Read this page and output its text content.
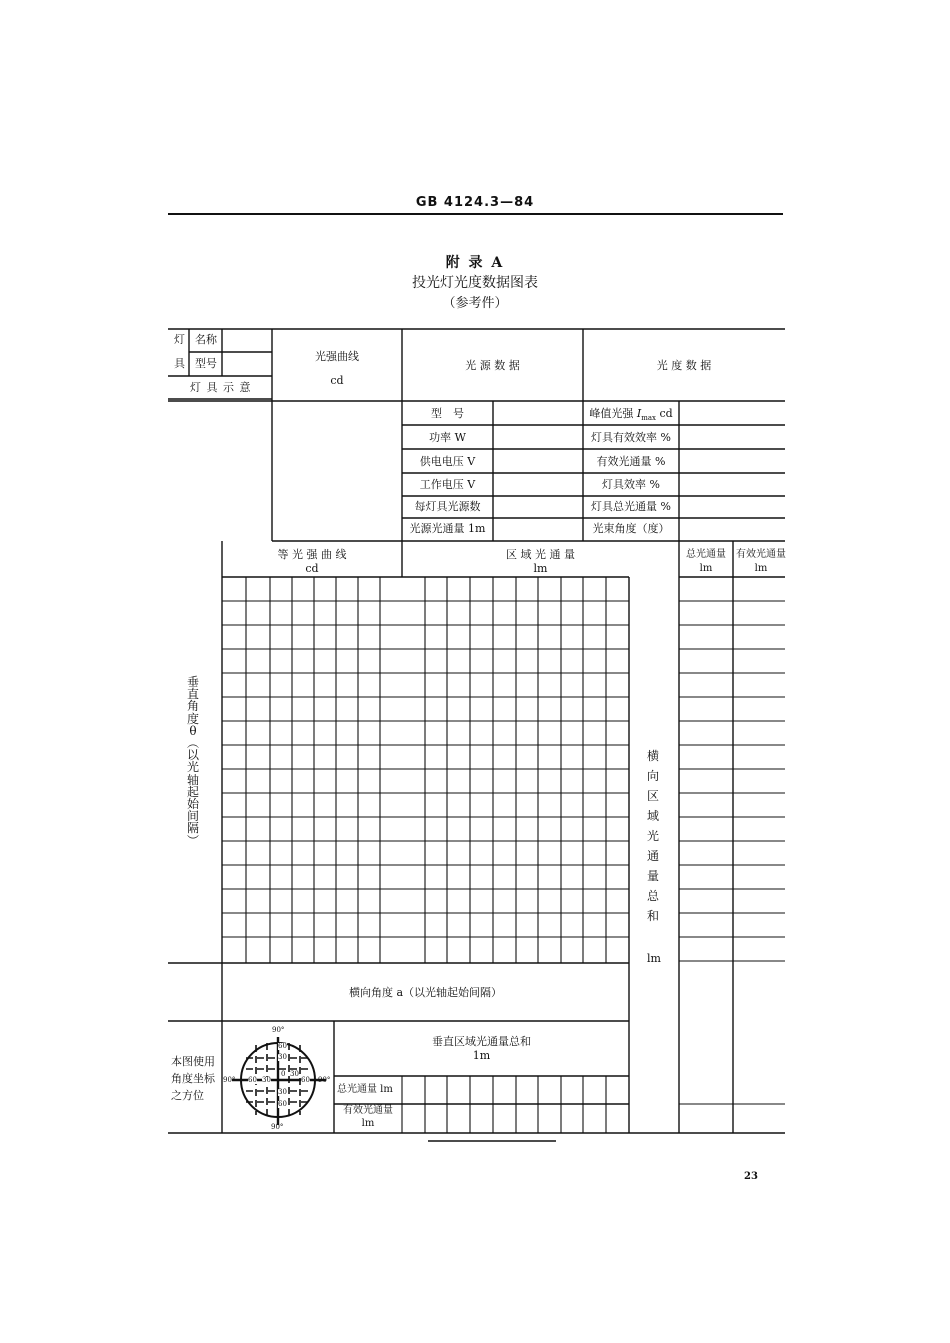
GB 4124.3—84
附 录 A
投光灯光度数据图表
（参考件）
90°
90°
90°	90°
60
30
30
60
60 30
0 30
60
灯
具
名称
型号
灯 具 示 意
光强曲线
cd
光 源 数 据	光 度 数 据
型　号
功率 W
供电电压 V
工作电压 V
每灯具光源数
光源光通量 1m
峰值光强 $I_{max}$ cd
灯具有效效率 %
有效光通量 %
灯具效率 %
灯具总光通量 %
光束角度（度）
等 光 强 曲 线
cd
区 域 光 通 量
lm
总光通量
lm
有效光通量
lm
垂
直
角
度
θ
︵
以
光
轴
起
始
间
隔
︶
横
向
区
域
光
通
量
总
和
lm
横向角度 a（以光轴起始间隔）
本图使用
角度坐标
之方位
垂直区域光通量总和
1m
总光通量 lm
有效光通量
lm
23
